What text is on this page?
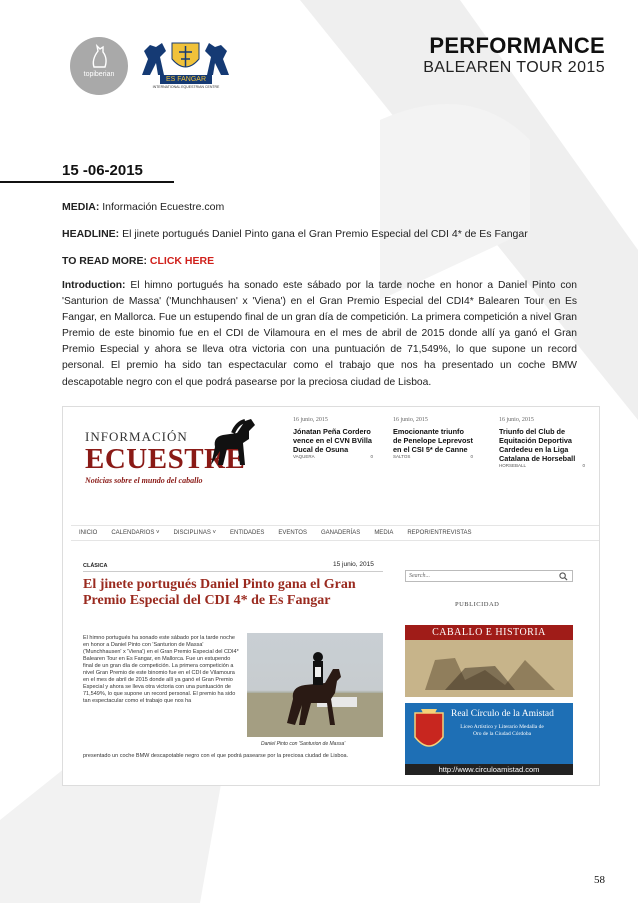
topiberian
ES FANGAR
INTERNATIONAL EQUESTRIAN CENTRE
PERFORMANCE
BALEAREN TOUR 2015
15 -06-2015
MEDIA: Información Ecuestre.com
HEADLINE: El jinete portugués Daniel Pinto gana el Gran Premio Especial del CDI 4* de Es Fangar
TO READ MORE: CLICK HERE
Introduction: El himno portugués ha sonado este sábado por la tarde noche en honor a Daniel Pinto con 'Santurion de Massa' ('Munchhausen' x 'Viena') en el Gran Premio Especial del CDI4* Balearen Tour en Es Fangar, en Mallorca. Fue un estupendo final de un gran día de competición. La primera competición a nivel Gran Premio de este binomio fue en el CDI de Vilamoura en el mes de abril de 2015 donde allí ya ganó el Gran Premio Especial y ahora se lleva otra victoria con una puntuación de 71,549%, lo que supone un record personal. El premio ha sido tan espectacular como el trabajo que nos ha presentado un coche BMW descapotable negro con el que podrá pasearse por la preciosa ciudad de Lisboa.
INFORMACIÓN
ECUESTRE
Noticias sobre el mundo del caballo
16 junio, 2015
Jónatan Peña Cordero vence en el CVN BVilla Ducal de Osuna
VAQUERA	0
16 junio, 2015
Emocionante triunfo de Penelope Leprevost en el CSI 5* de Canne
SALTOS	0
16 junio, 2015
Triunfo del Club de Equitación Deportiva Cardedeu en la Liga Catalana de Horseball
HORSEBALL	0
INICIO CALENDARIOS ˅ DISCIPLINAS ˅ ENTIDADES EVENTOS GANADERÍAS MEDIA REPOR/ENTREVISTAS
CLÁSICA	15 junio, 2015
El jinete portugués Daniel Pinto gana el Gran Premio Especial del CDI 4* de Es Fangar
Search...
PUBLICIDAD
El himno portugués ha sonado este sábado por la tarde noche en honor a Daniel Pinto con 'Santurion de Massa' ('Munchhausen' x 'Viena') en el Gran Premio Especial del CDI4* Balearen Tour en Es Fangar, en Mallorca. Fue un estupendo final de un gran día de competición. La primera competición a nivel Gran Premio de este binomio fue en el CDI de Vilamoura en el mes de abril de 2015 donde allí ya ganó el Gran Premio Especial y ahora se lleva otra victoria con una puntuación de 71,549%, lo que supone un record personal. El premio ha sido tan espectacular como el trabajo que nos ha
Daniel Pinto con 'Santurion de Massa'
presentado un coche BMW descapotable negro con el que podrá pasearse por la preciosa ciudad de Lisboa.
CABALLO E HISTORIA
Real Círculo de la Amistad
Liceo Artístico y Literario Medalla de Oro de la Ciudad Córdoba
http://www.circuloamistad.com
58
